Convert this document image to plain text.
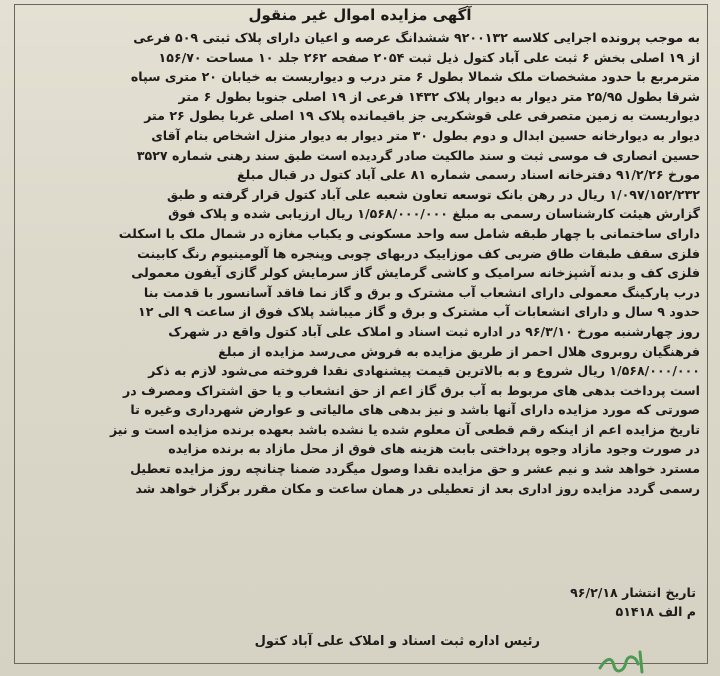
آگهی مزایده اموال غیر منقول
به موجب پرونده اجرایی کلاسه ۹۲۰۰۱۳۲ ششدانگ عرصه و اعیان دارای پلاک ثبتی ۵۰۹ فرعی
از ۱۹ اصلی بخش ۶ ثبت علی آباد کتول ذیل ثبت ۲۰۵۴ صفحه ۲۶۲ جلد ۱۰ مساحت ۱۵۶/۷۰
مترمربع با حدود مشخصات ملک شمالا بطول ۶ متر درب و دیواریست به خیابان ۲۰ متری سپاه
شرقا بطول ۲۵/۹۵ متر دیوار به دیوار پلاک ۱۴۳۲ فرعی از ۱۹ اصلی جنوبا بطول ۶ متر
دیواریست به زمین متصرفی علی قوشکریی جز باقیمانده پلاک ۱۹ اصلی غربا بطول ۲۶ متر
دیوار به دیوارخانه حسین ابدال و دوم بطول ۳۰ متر دیوار به دیوار منزل اشخاص بنام آقای
حسین انصاری ف موسی ثبت و سند مالکیت صادر گردیده است طبق سند رهنی شماره ۳۵۲۷
مورخ ۹۱/۲/۲۶ دفترخانه اسناد رسمی شماره ۸۱ علی آباد کتول در قبال مبلغ
۱/۰۹۷/۱۵۲/۲۳۲ ریال در رهن بانک توسعه تعاون شعبه علی آباد کتول قرار گرفته و طبق
گزارش هیئت کارشناسان رسمی به مبلغ ۱/۵۶۸/۰۰۰/۰۰۰ ریال ارزیابی شده و پلاک فوق
دارای ساختمانی با چهار طبقه شامل سه واحد مسکونی و یکباب مغازه در شمال ملک با اسکلت
فلزی سقف طبقات طاق ضربی کف موزاییک دربهای چوبی وپنجره ها آلومینیوم رنگ کابینت
فلزی کف و بدنه آشپزخانه سرامیک و کاشی گرمایش گاز سرمایش کولر گازی آیفون معمولی
درب پارکینگ معمولی دارای انشعاب آب مشترک و برق و گاز نما فاقد آسانسور با قدمت بنا
حدود ۹ سال و دارای انشعابات آب مشترک و برق و گاز میباشد پلاک فوق از ساعت ۹ الی ۱۲
روز چهارشنبه مورخ ۹۶/۳/۱۰ در اداره ثبت اسناد و املاک علی آباد کتول واقع در شهرک
فرهنگیان روبروی هلال احمر از طریق مزایده به فروش می‌رسد مزایده از مبلغ
۱/۵۶۸/۰۰۰/۰۰۰ ریال شروع و به بالاترین قیمت پیشنهادی نقدا فروخته می‌شود لازم به ذکر
است پرداخت بدهی های مربوط به آب برق گاز اعم از حق انشعاب و یا حق اشتراک ومصرف در
صورتی که مورد مزایده دارای آنها باشد و نیز بدهی های مالیاتی و عوارض شهرداری وغیره تا
تاریخ مزایده اعم از اینکه رقم قطعی آن معلوم شده یا نشده باشد بعهده برنده مزایده است و نیز
در صورت وجود مازاد وجوه پرداختی بابت هزینه های فوق از محل مازاد به برنده مزایده
مسترد خواهد شد و نیم عشر و حق مزایده نقدا وصول میگردد ضمنا چنانچه روز مزایده تعطیل
رسمی گردد مزایده روز اداری بعد از تعطیلی در همان ساعت و مکان مقرر برگزار خواهد شد
تاریخ انتشار ۹۶/۲/۱۸
م الف ۵۱۴۱۸
رئیس اداره ثبت اسناد و املاک علی آباد کتول
